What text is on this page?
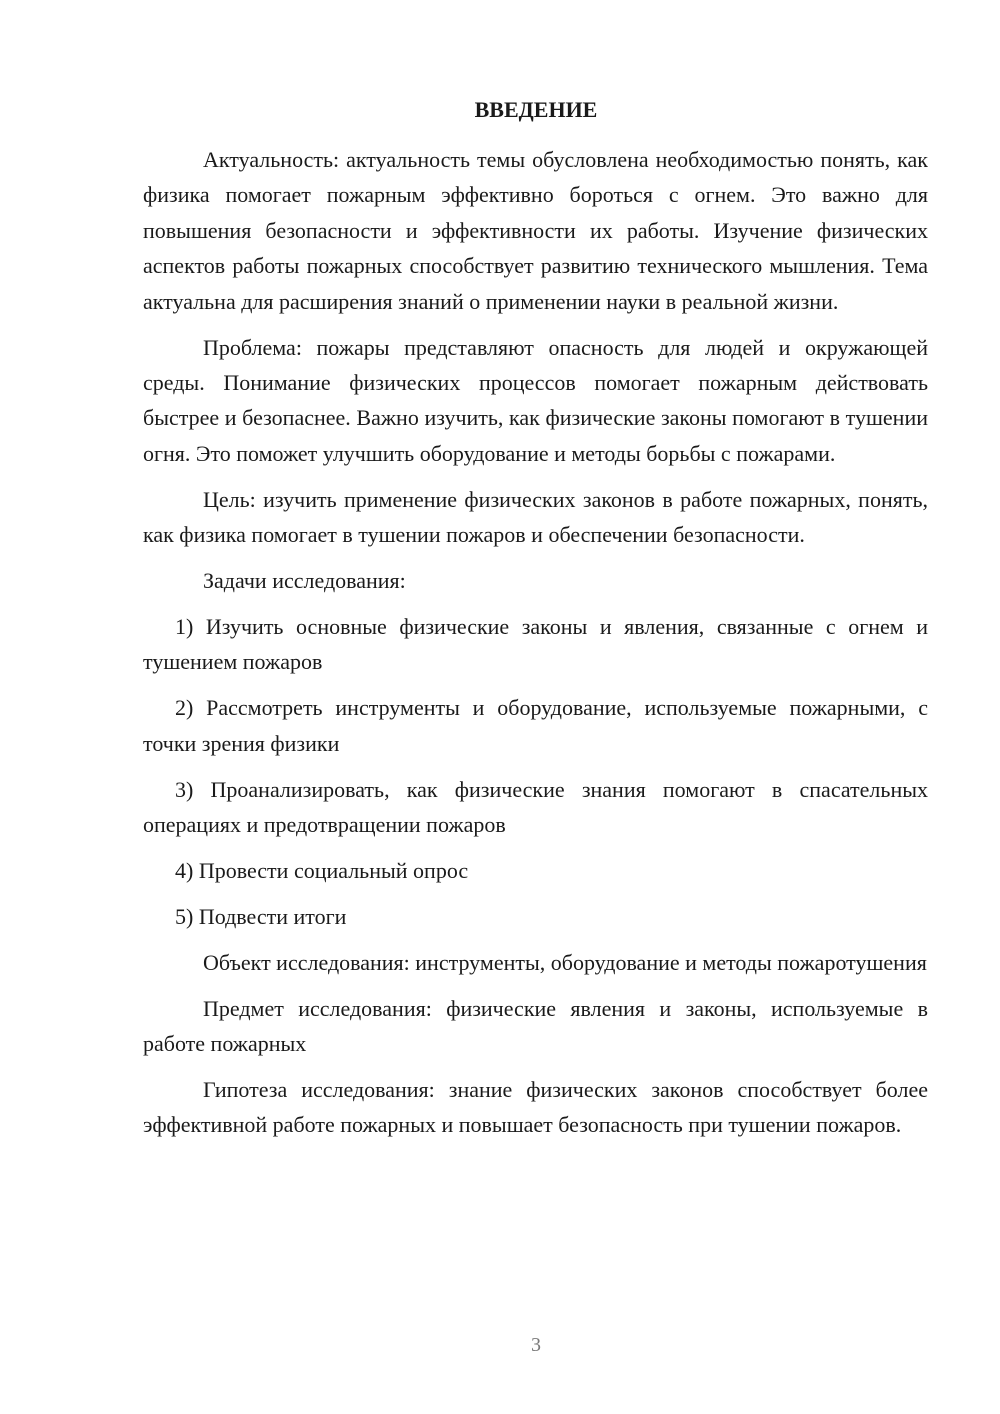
ВВЕДЕНИЕ

Актуальность: актуальность темы обусловлена необходимостью понять, как физика помогает пожарным эффективно бороться с огнем. Это важно для повышения безопасности и эффективности их работы. Изучение физических аспектов работы пожарных способствует развитию технического мышления. Тема актуальна для расширения знаний о применении науки в реальной жизни.

Проблема: пожары представляют опасность для людей и окружающей среды. Понимание физических процессов помогает пожарным действовать быстрее и безопаснее. Важно изучить, как физические законы помогают в тушении огня. Это поможет улучшить оборудование и методы борьбы с пожарами.

Цель: изучить применение физических законов в работе пожарных, понять, как физика помогает в тушении пожаров и обеспечении безопасности.

Задачи исследования:

1) Изучить основные физические законы и явления, связанные с огнем и тушением пожаров

2) Рассмотреть инструменты и оборудование, используемые пожарными, с точки зрения физики

3) Проанализировать, как физические знания помогают в спасательных операциях и предотвращении пожаров

4) Провести социальный опрос

5) Подвести итоги

Объект исследования: инструменты, оборудование и методы пожаротушения

Предмет исследования: физические явления и законы, используемые в работе пожарных

Гипотеза исследования: знание физических законов способствует более эффективной работе пожарных и повышает безопасность при тушении пожаров.

3
